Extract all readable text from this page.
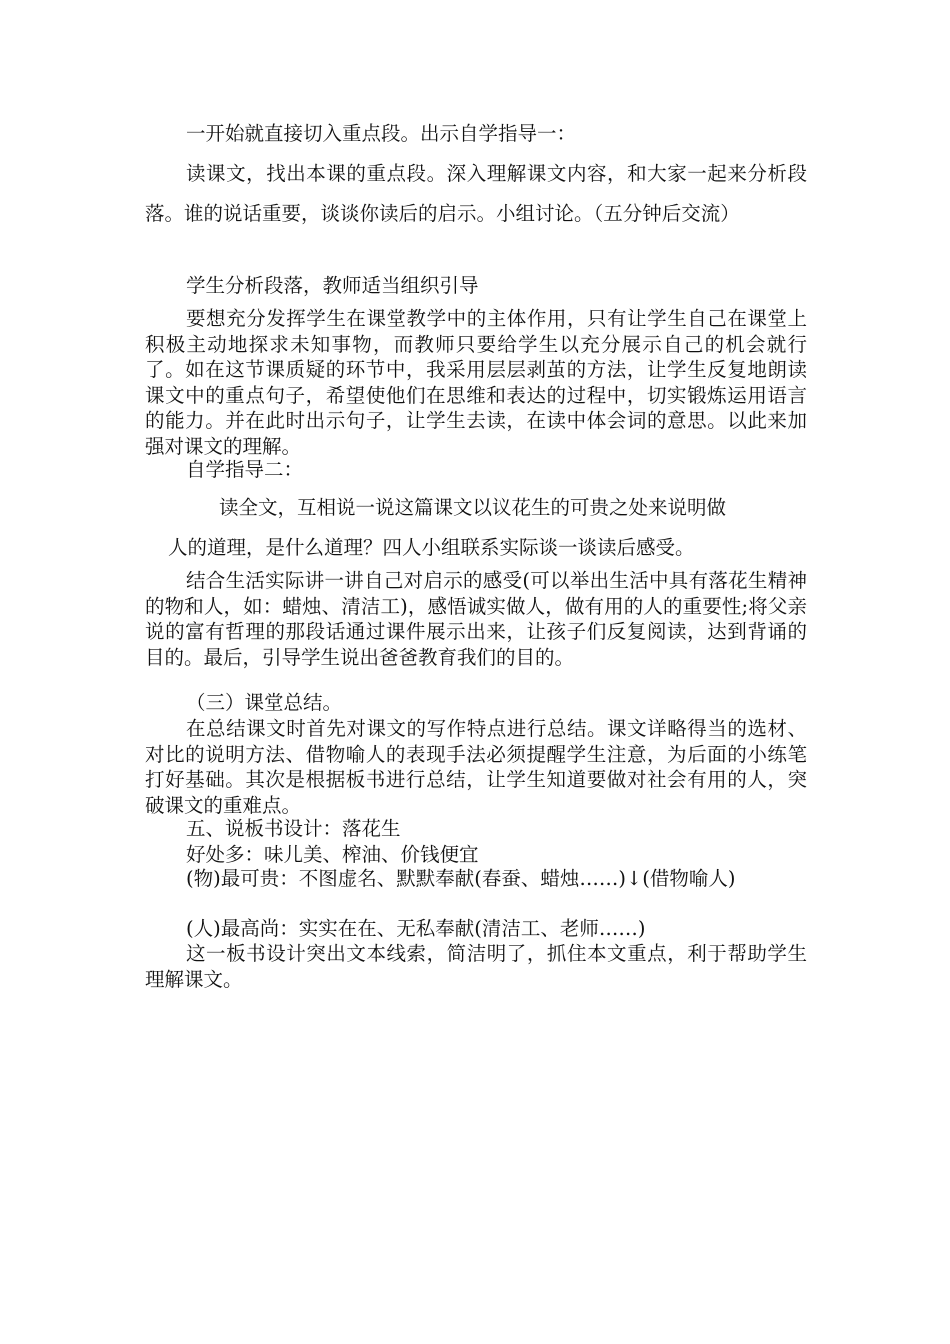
一开始就直接切入重点段。出示自学指导一：

读课文，找出本课的重点段。深入理解课文内容，和大家一起来分析段落。谁的说话重要，谈谈你读后的启示。小组讨论。（五分钟后交流）

学生分析段落，教师适当组织引导

要想充分发挥学生在课堂教学中的主体作用，只有让学生自己在课堂上积极主动地探求未知事物，而教师只要给学生以充分展示自己的机会就行了。如在这节课质疑的环节中，我采用层层剥茧的方法，让学生反复地朗读课文中的重点句子，希望使他们在思维和表达的过程中，切实锻炼运用语言的能力。并在此时出示句子，让学生去读，在读中体会词的意思。以此来加强对课文的理解。

自学指导二：

读全文，互相说一说这篇课文以议花生的可贵之处来说明做

人的道理，是什么道理？四人小组联系实际谈一谈读后感受。

结合生活实际讲一讲自己对启示的感受(可以举出生活中具有落花生精神的物和人，如：蜡烛、清洁工)，感悟诚实做人，做有用的人的重要性;将父亲说的富有哲理的那段话通过课件展示出来，让孩子们反复阅读，达到背诵的目的。最后，引导学生说出爸爸教育我们的目的。

（三）课堂总结。

在总结课文时首先对课文的写作特点进行总结。课文详略得当的选材、对比的说明方法、借物喻人的表现手法必须提醒学生注意，为后面的小练笔打好基础。其次是根据板书进行总结，让学生知道要做对社会有用的人，突破课文的重难点。

五、说板书设计：落花生

好处多：味儿美、榨油、价钱便宜

(物)最可贵：不图虚名、默默奉献(春蚕、蜡烛……)↓(借物喻人)

(人)最高尚：实实在在、无私奉献(清洁工、老师……)

这一板书设计突出文本线索，简洁明了，抓住本文重点，利于帮助学生理解课文。
